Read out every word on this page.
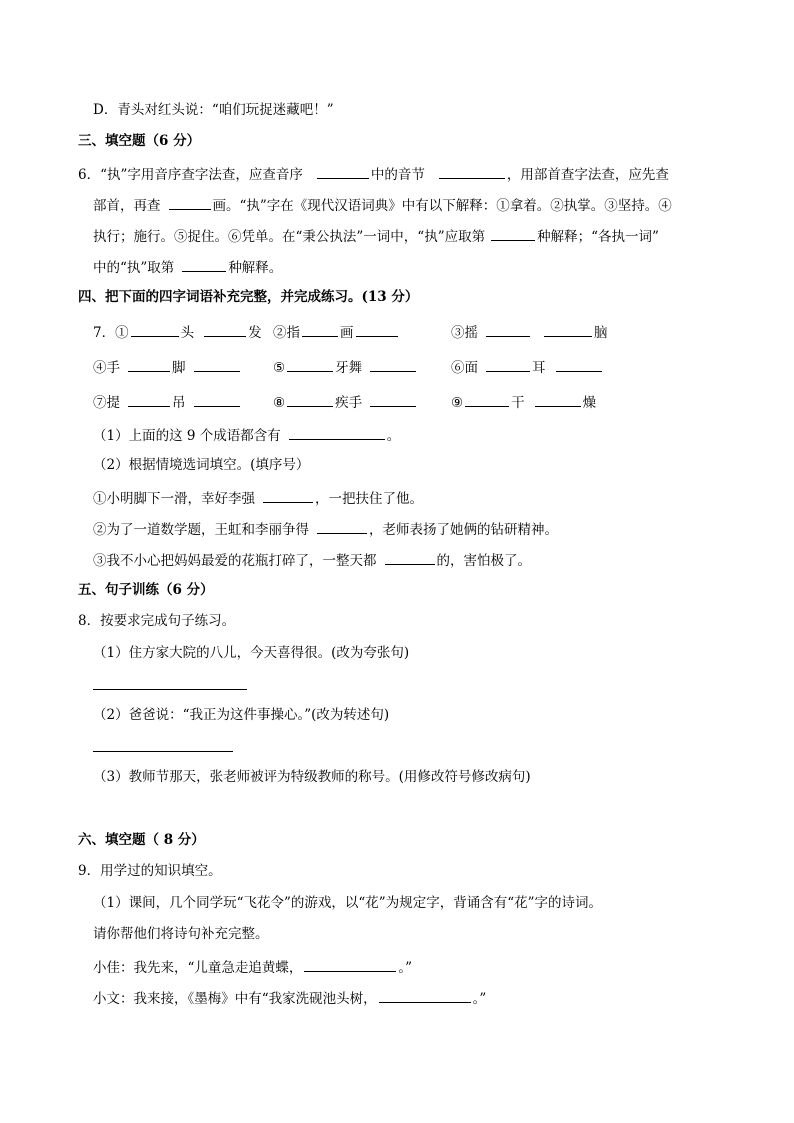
D．青头对红头说：“咱们玩捉迷藏吧！”
三、填空题（6 分）
6．“执”字用音序查字法查，应查音序	中的音节	，用部首查字法查，应先查
部首，再查	画。“执”字在《现代汉语词典》中有以下解释：①拿着。②执掌。③坚持。④
执行；施行。⑤捉住。⑥凭单。在“秉公执法”一词中，“执”应取第	种解释；“各执一词”
中的“执”取第	种解释。
四、把下面的四字词语补充完整，并完成练习。(13 分）
7．①	头	发 ②指	画	③摇	脑
④手	脚	⑤	牙舞	⑥面	耳
⑦提	吊	⑧	疾手	⑨	干	燥
（1）上面的这 9 个成语都含有	。
（2）根据情境选词填空。(填序号）
①小明脚下一滑，幸好李强	，一把扶住了他。
②为了一道数学题，王虹和李丽争得	，老师表扬了她俩的钻研精神。
③我不小心把妈妈最爱的花瓶打碎了，一整天都	的，害怕极了。
五、句子训练（6 分）
8．按要求完成句子练习。
（1）住方家大院的八儿，今天喜得很。(改为夸张句)
（2）爸爸说：“我正为这件事操心。”(改为转述句)
（3）教师节那天，张老师被评为特级教师的称号。(用修改符号修改病句)
六、填空题（ 8 分）
9．用学过的知识填空。
（1）课间，几个同学玩“飞花令”的游戏，以“花”为规定字，背诵含有“花”字的诗词。
请你帮他们将诗句补充完整。
小佳：我先来，“儿童急走追黄蝶，	。”
小文：我来接，《墨梅》中有“我家洗砚池头树，	。”
